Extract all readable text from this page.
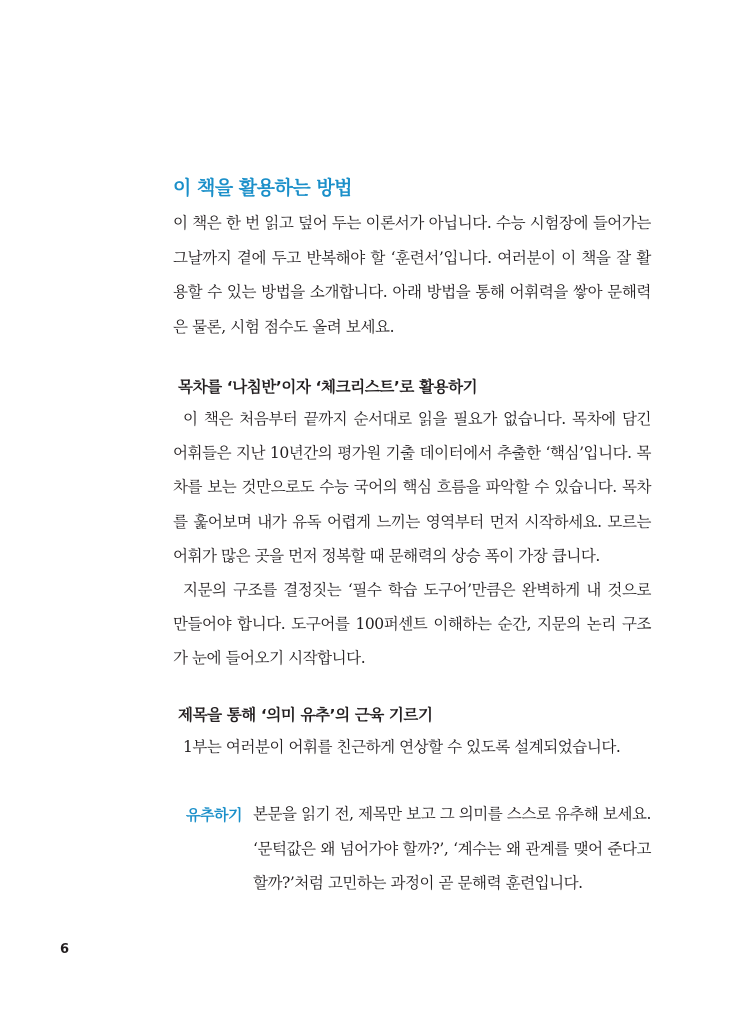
이 책을 활용하는 방법

이 책은 한 번 읽고 덮어 두는 이론서가 아닙니다. 수능 시험장에 들어가는 그날까지 곁에 두고 반복해야 할 ‘훈련서’입니다. 여러분이 이 책을 잘 활용할 수 있는 방법을 소개합니다. 아래 방법을 통해 어휘력을 쌓아 문해력은 물론, 시험 점수도 올려 보세요.

목차를 ‘나침반’이자 ‘체크리스트’로 활용하기

이 책은 처음부터 끝까지 순서대로 읽을 필요가 없습니다. 목차에 담긴 어휘들은 지난 10년간의 평가원 기출 데이터에서 추출한 ‘핵심’입니다. 목차를 보는 것만으로도 수능 국어의 핵심 흐름을 파악할 수 있습니다. 목차를 훑어보며 내가 유독 어렵게 느끼는 영역부터 먼저 시작하세요. 모르는 어휘가 많은 곳을 먼저 정복할 때 문해력의 상승 폭이 가장 큽니다.

지문의 구조를 결정짓는 ‘필수 학습 도구어’만큼은 완벽하게 내 것으로 만들어야 합니다. 도구어를 100퍼센트 이해하는 순간, 지문의 논리 구조가 눈에 들어오기 시작합니다.

제목을 통해 ‘의미 유추’의 근육 기르기

1부는 여러분이 어휘를 친근하게 연상할 수 있도록 설계되었습니다.

유추하기 본문을 읽기 전, 제목만 보고 그 의미를 스스로 유추해 보세요. ‘문턱값은 왜 넘어가야 할까?’, ‘계수는 왜 관계를 맺어 준다고 할까?’처럼 고민하는 과정이 곧 문해력 훈련입니다.

6
